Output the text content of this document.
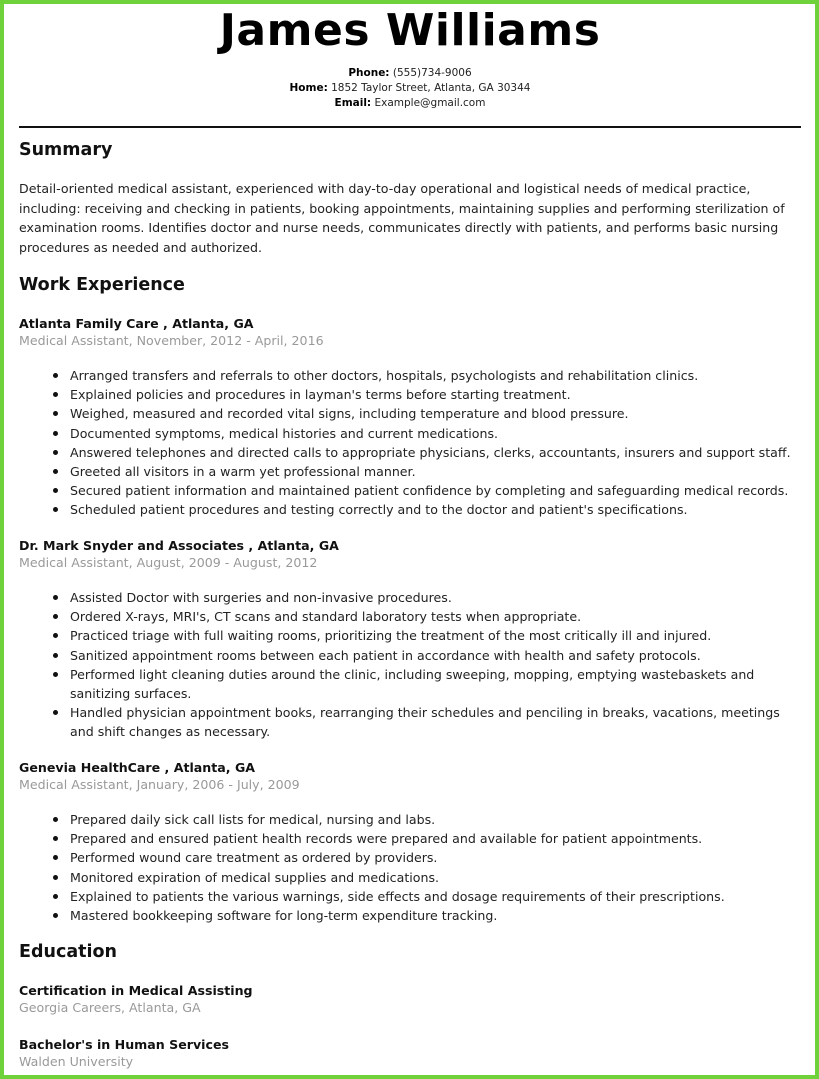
James Williams
Phone: (555)734-9006
Home: 1852 Taylor Street, Atlanta, GA 30344
Email: Example@gmail.com
Summary
Detail-oriented medical assistant, experienced with day-to-day operational and logistical needs of medical practice, including: receiving and checking in patients, booking appointments, maintaining supplies and performing sterilization of examination rooms. Identifies doctor and nurse needs, communicates directly with patients, and performs basic nursing procedures as needed and authorized.
Work Experience
Atlanta Family Care , Atlanta, GA
Medical Assistant, November, 2012 - April, 2016
Arranged transfers and referrals to other doctors, hospitals, psychologists and rehabilitation clinics.
Explained policies and procedures in layman's terms before starting treatment.
Weighed, measured and recorded vital signs, including temperature and blood pressure.
Documented symptoms, medical histories and current medications.
Answered telephones and directed calls to appropriate physicians, clerks, accountants, insurers and support staff.
Greeted all visitors in a warm yet professional manner.
Secured patient information and maintained patient confidence by completing and safeguarding medical records.
Scheduled patient procedures and testing correctly and to the doctor and patient's specifications.
Dr. Mark Snyder and Associates , Atlanta, GA
Medical Assistant, August, 2009 - August, 2012
Assisted Doctor with surgeries and non-invasive procedures.
Ordered X-rays, MRI's, CT scans and standard laboratory tests when appropriate.
Practiced triage with full waiting rooms, prioritizing the treatment of the most critically ill and injured.
Sanitized appointment rooms between each patient in accordance with health and safety protocols.
Performed light cleaning duties around the clinic, including sweeping, mopping, emptying wastebaskets and sanitizing surfaces.
Handled physician appointment books, rearranging their schedules and penciling in breaks, vacations, meetings and shift changes as necessary.
Genevia HealthCare , Atlanta, GA
Medical Assistant, January, 2006 - July, 2009
Prepared daily sick call lists for medical, nursing and labs.
Prepared and ensured patient health records were prepared and available for patient appointments.
Performed wound care treatment as ordered by providers.
Monitored expiration of medical supplies and medications.
Explained to patients the various warnings, side effects and dosage requirements of their prescriptions.
Mastered bookkeeping software for long-term expenditure tracking.
Education
Certification in Medical Assisting
Georgia Careers, Atlanta, GA
Bachelor's in Human Services
Walden University
